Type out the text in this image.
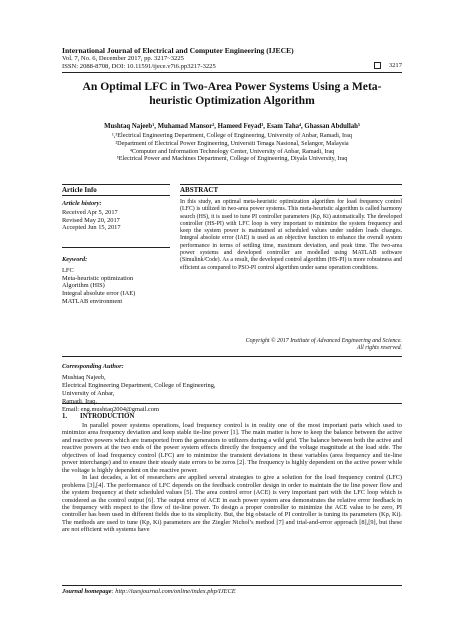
International Journal of Electrical and Computer Engineering (IJECE)
Vol. 7, No. 6, December 2017, pp. 3217~3225
ISSN: 2088-8708, DOI: 10.11591/ijece.v7i6.pp3217-3225	3217
An Optimal LFC in Two-Area Power Systems Using a Meta-heuristic Optimization Algorithm
Mushtaq Najeeb¹, Muhamad Mansor², Hameed Feyad³, Esam Taha⁴, Ghassan Abdullah⁵
¹,³Electrical Engineering Department, College of Engineering, University of Anbar, Ramadi, Iraq
²Department of Electrical Power Engineering, Universiti Tenaga Nasional, Selangor, Malaysia
⁴Computer and Information Technology Center, University of Anbar, Ramadi, Iraq
⁵Electrical Power and Machines Department, College of Engineering, Diyala University, Iraq
Article Info	ABSTRACT
Article history:
Received Apr 5, 2017
Revised May 20, 2017
Accepted Jun 15, 2017
Keyword:
LFC
Meta-heuristic optimization
Algorithm (HIS)
Integral absolute error (IAE)
MATLAB environment
In this study, an optimal meta-heuristic optimization algorithm for load frequency control (LFC) is utilized in two-area power systems. This meta-heuristic algorithm is called harmony search (HS), it is used to tune PI controller parameters (Kp, Ki) automatically. The developed controller (HS-PI) with LFC loop is very important to minimize the system frequency and keep the system power is maintained at scheduled values under sudden loads changes. Integral absolute error (IAE) is used as an objective function to enhance the overall system performance in terms of settling time, maximum deviation, and peak time. The two-area power systems and developed controller are modelled using MATLAB software (Simulink/Code). As a result, the developed control algorithm (HS-PI) is more robustness and efficient as compared to PSO-PI control algorithm under same operation conditions.
Copyright © 2017 Institute of Advanced Engineering and Science.
All rights reserved.
Corresponding Author:
Mushtaq Najeeb,
Electrical Engineering Department, College of Engineering,
University of Anbar,
Ramadi, Iraq.
Email: eng.mushtaq2004@gmail.com
1. INTRODUCTION

In parallel power systems operations, load frequency control is in reality one of the most important parts which used to minimize area frequency deviation and keep stable tie-line power [1]. The main matter is how to keep the balance between the active and reactive powers which are transported from the generators to utilizers during a wild grid. The balance between both the active and reactive powers at the two ends of the power system effects directly the frequency and the voltage magnitude at the load side. The objectives of load frequency control (LFC) are to minimize the transient deviations in these variables (area frequency and tie-line power interchange) and to ensure their steady state errors to be zeros [2]. The frequency is highly dependent on the active power while the voltage is highly dependent on the reactive power.

In last decades, a lot of researchers are applied several strategies to give a solution for the load frequency control (LFC) problems [3],[4]. The performance of LFC depends on the feedback controller design in order to maintain the tie line power flow and the system frequency at their scheduled values [5]. The area control error (ACE) is very important part with the LFC loop which is considered as the control output [6]. The output error of ACE in each power system area demonstrates the relative error feedback in the frequency with respect to the flow of tie-line power. To design a proper controller to minimize the ACE value to be zero, PI controller has been used in different fields due to its simplicity. But, the big obstacle of PI controller is tuning its parameters (Kp, Ki). The methods are used to tune (Kp, Ki) parameters are the Ziegler Nichol’s method [7] and trial-and-error approach [8],[9], but these are not efficient with systems have

Journal homepage: http://iaesjournal.com/online/index.php/IJECE
